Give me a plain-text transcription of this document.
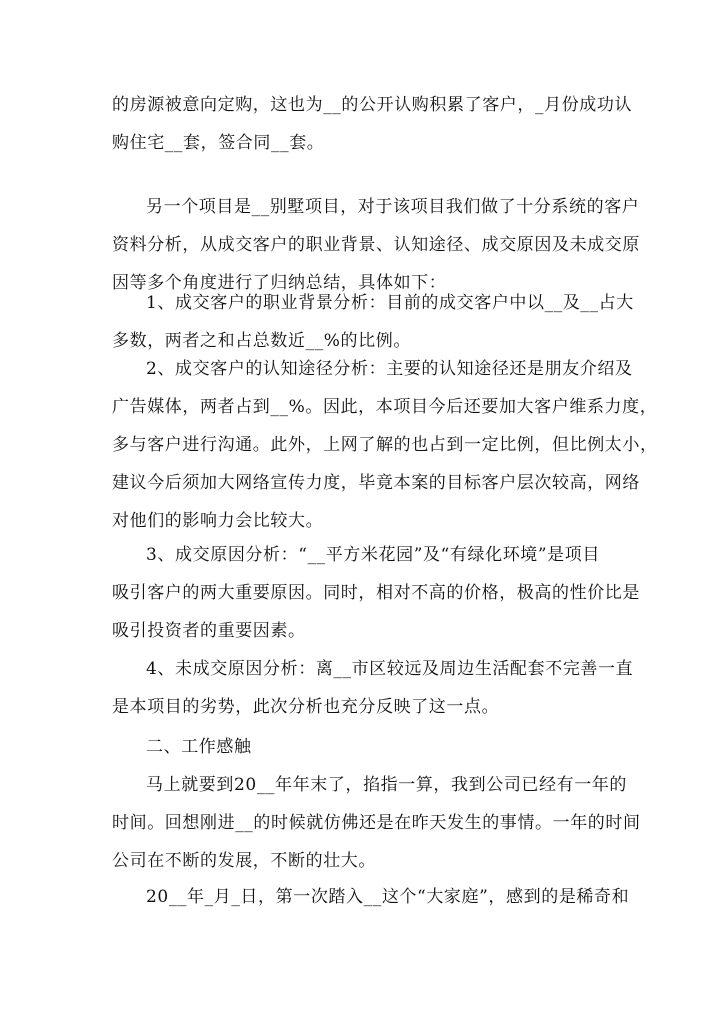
的房源被意向定购，这也为__的公开认购积累了客户，_月份成功认
购住宅__套，签合同__套。
另一个项目是__别墅项目，对于该项目我们做了十分系统的客户
资料分析，从成交客户的职业背景、认知途径、成交原因及未成交原
因等多个角度进行了归纳总结，具体如下：
1、成交客户的职业背景分析：目前的成交客户中以__及__占大
多数，两者之和占总数近__%的比例。
2、成交客户的认知途径分析：主要的认知途径还是朋友介绍及
广告媒体，两者占到__%。因此，本项目今后还要加大客户维系力度，
多与客户进行沟通。此外，上网了解的也占到一定比例，但比例太小，
建议今后须加大网络宣传力度，毕竟本案的目标客户层次较高，网络
对他们的影响力会比较大。
3、成交原因分析：“__平方米花园”及“有绿化环境”是项目
吸引客户的两大重要原因。同时，相对不高的价格，极高的性价比是
吸引投资者的重要因素。
4、未成交原因分析：离__市区较远及周边生活配套不完善一直
是本项目的劣势，此次分析也充分反映了这一点。
二、工作感触
马上就要到20__年年末了，掐指一算，我到公司已经有一年的
时间。回想刚进__的时候就仿佛还是在昨天发生的事情。一年的时间
公司在不断的发展，不断的壮大。
20__年_月_日，第一次踏入__这个“大家庭”，感到的是稀奇和
